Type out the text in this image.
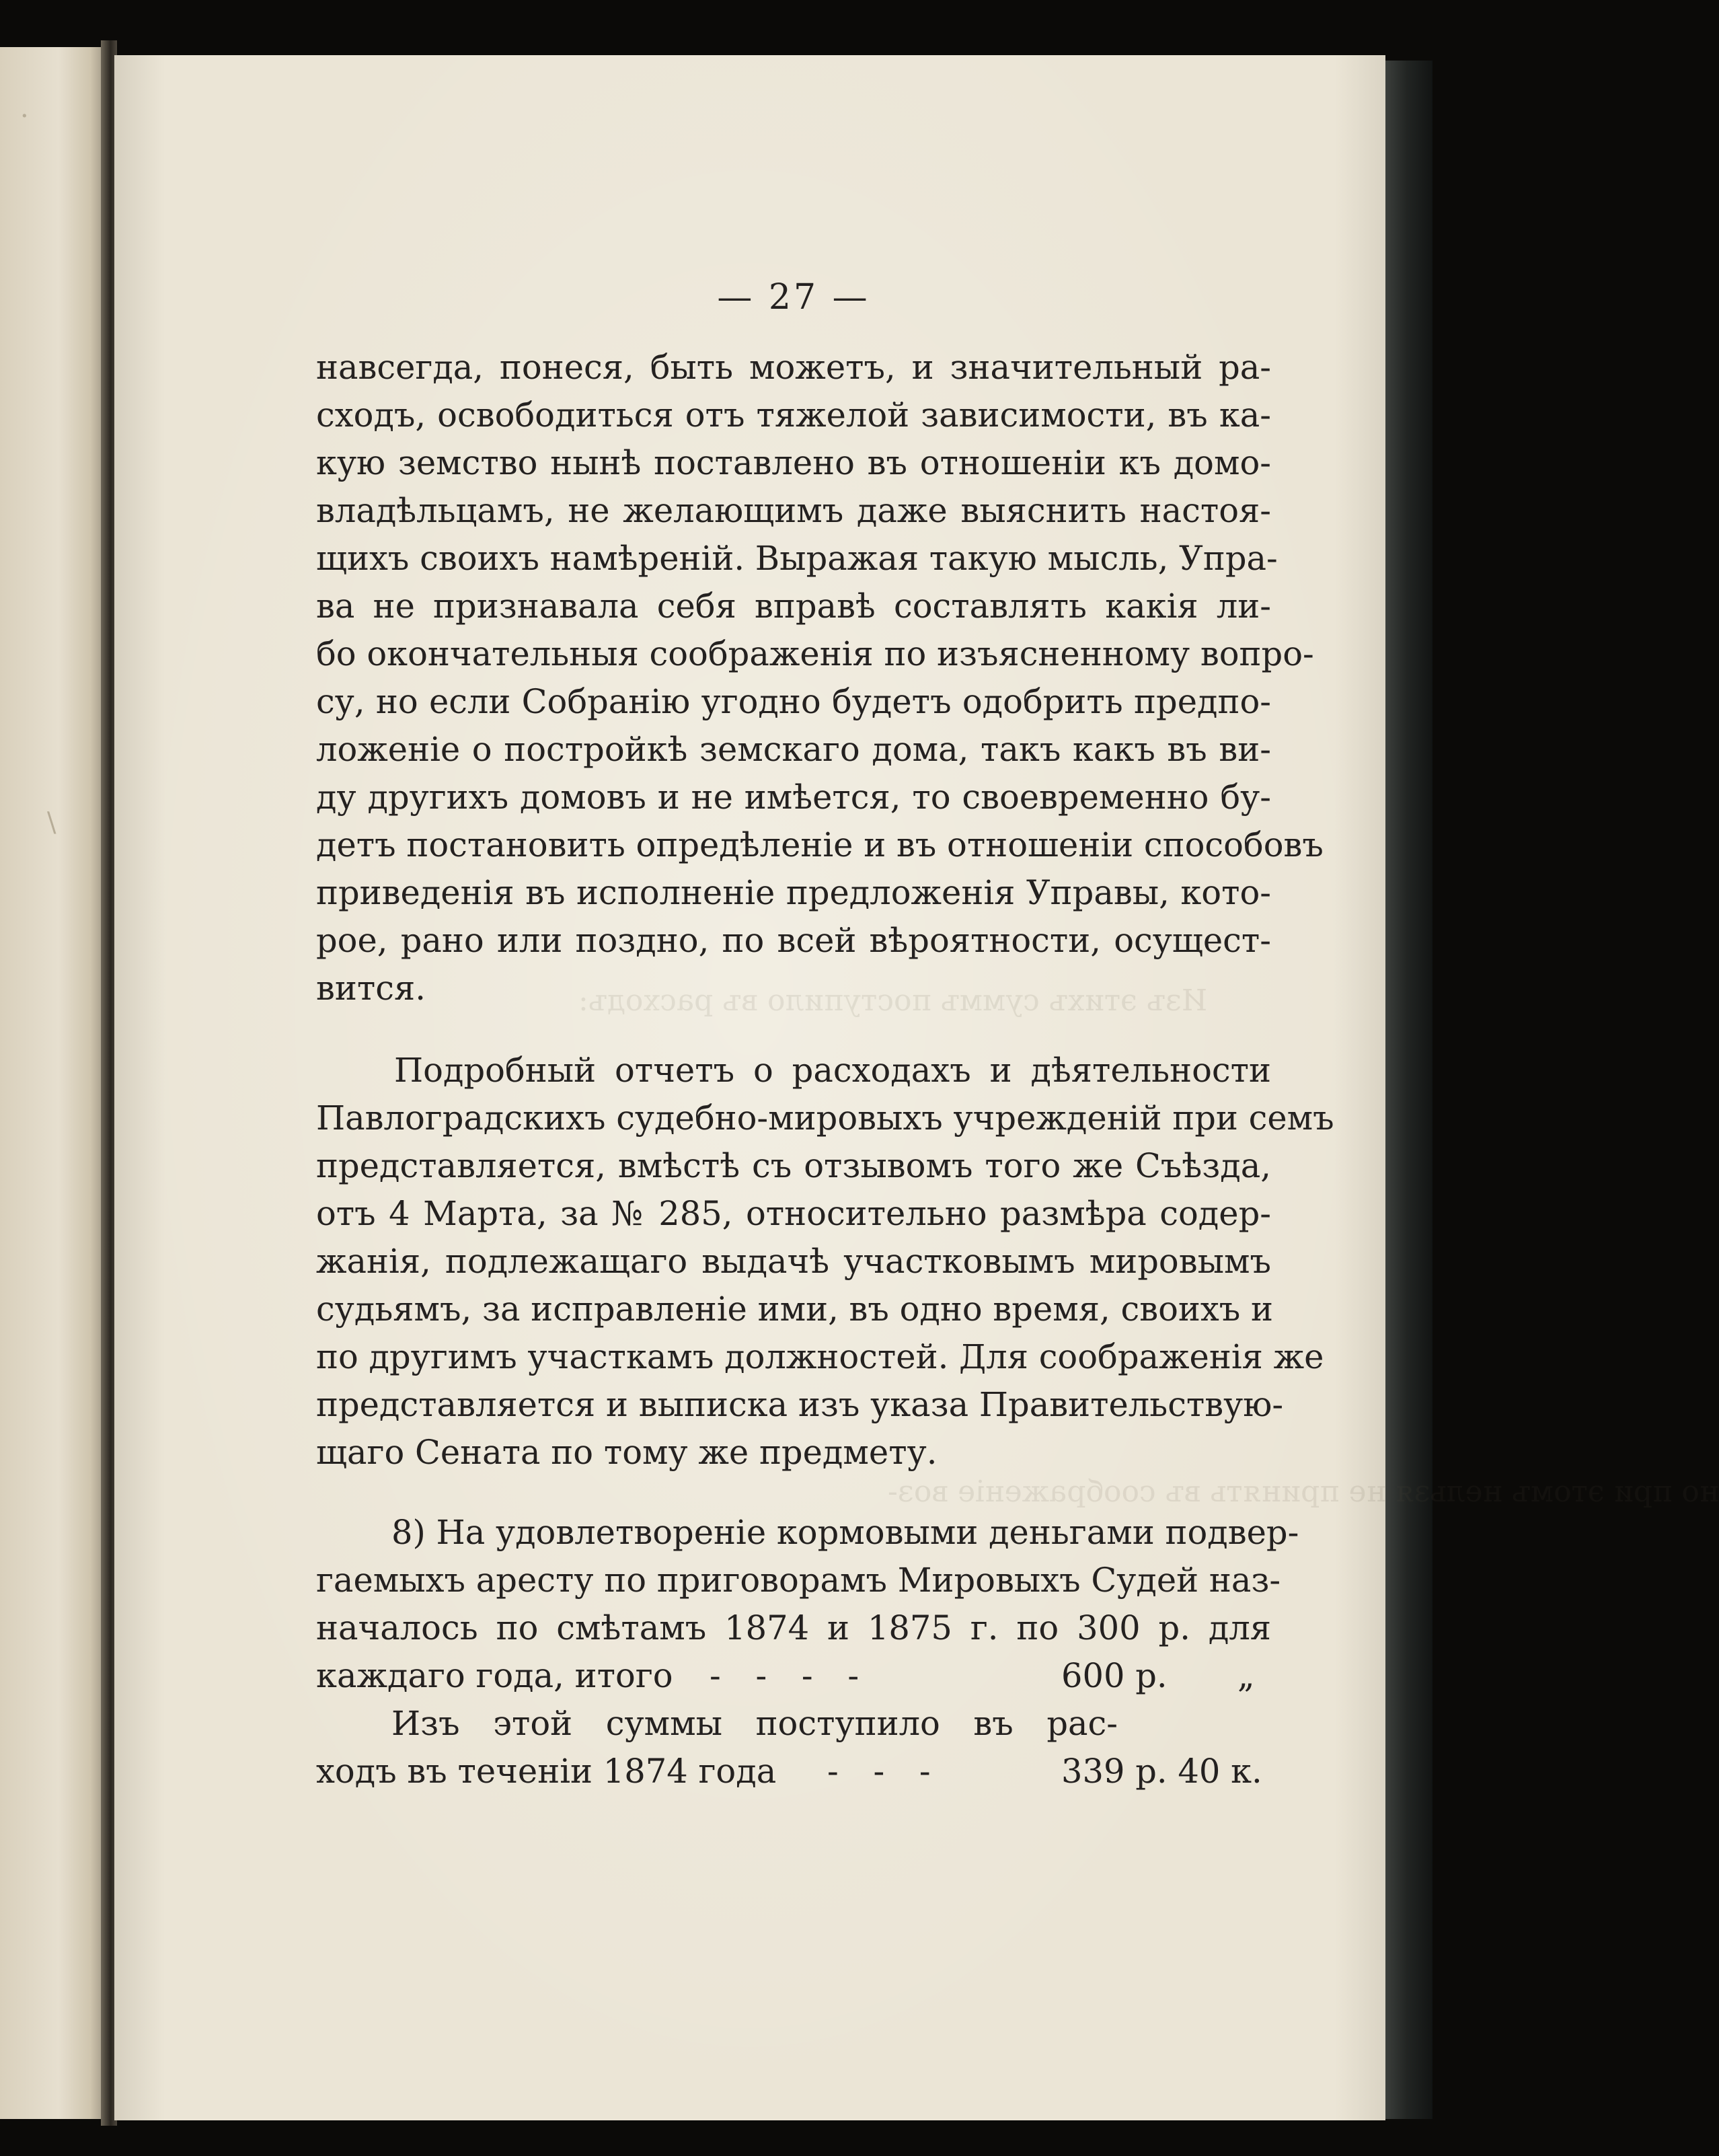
·
\
Изъ этихъ суммъ поступило въ расходъ:
но при этомъ нельзя не принять въ соображеніе воз-
— 27 —
навсегда, понеся, быть можетъ, и значительный ра-
сходъ, освободиться отъ тяжелой зависимости, въ ка-
кую земство нынѣ поставлено въ отношеніи къ домо-
владѣльцамъ, не желающимъ даже выяснить настоя-
щихъ своихъ намѣреній. Выражая такую мысль, Упра-
ва не признавала себя вправѣ составлять какія ли-
бо окончательныя соображенія по изъясненному вопро-
су, но если Собранію угодно будетъ одобрить предпо-
ложеніе о постройкѣ земскаго дома, такъ какъ въ ви-
ду другихъ домовъ и не имѣется, то своевременно бу-
детъ постановить опредѣленіе и въ отношеніи способовъ
приведенія въ исполненіе предложенія Управы, кото-
рое, рано или поздно, по всей вѣроятности, осущест-
вится.
Подробный отчетъ о расходахъ и дѣятельности
Павлоградскихъ судебно-мировыхъ учрежденій при семъ
представляется, вмѣстѣ съ отзывомъ того же Съѣзда,
отъ 4 Марта, за № 285, относительно размѣра содер-
жанія, подлежащаго выдачѣ участковымъ мировымъ
судьямъ, за исправленіе ими, въ одно время, своихъ и
по другимъ участкамъ должностей. Для соображенія же
представляется и выписка изъ указа Правительствую-
щаго Сената по тому же предмету.
8) На удовлетвореніе кормовыми деньгами подвер-
гаемыхъ аресту по приговорамъ Мировыхъ Судей наз-
началось по смѣтамъ 1874 и 1875 г. по 300 р. для
каждаго года, итого - - - -	600 р. „
Изъ этой суммы поступило въ рас-
ходъ въ теченіи 1874 года - - -	339 р. 40 к.
